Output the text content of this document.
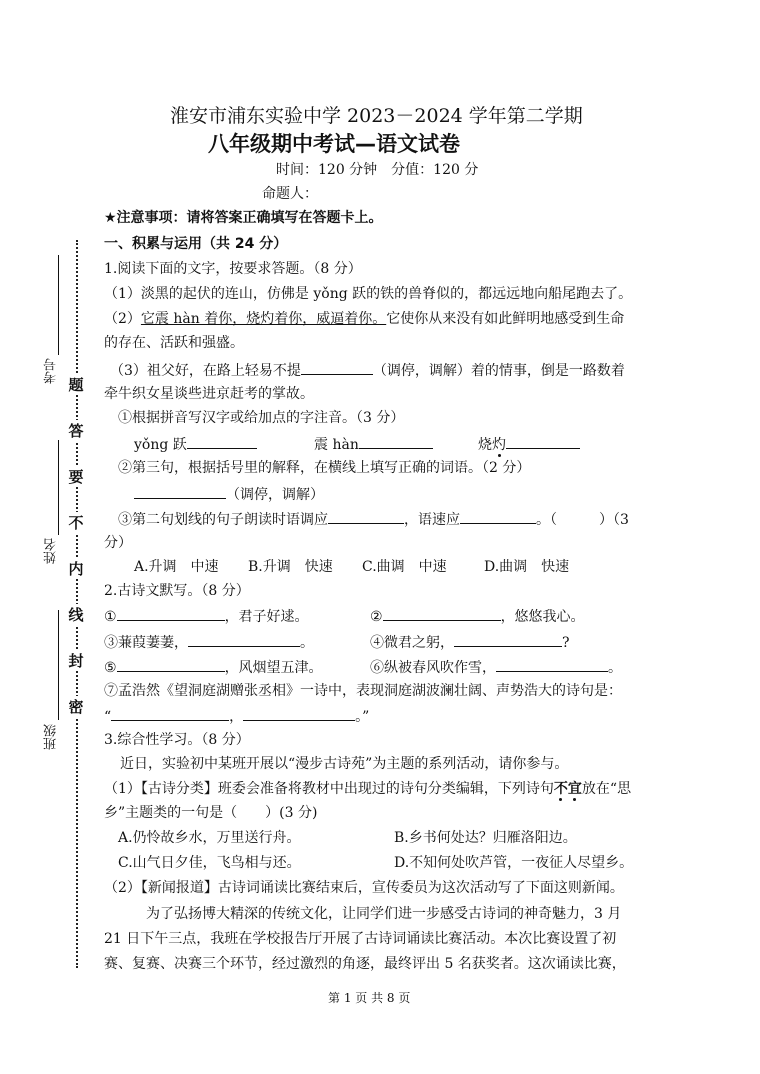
题
答
要
不
内
线
封
密
考号
姓名
班级
淮安市浦东实验中学 2023－2024 学年第二学期
八年级期中考试—语文试卷
时间：120 分钟　分值：120 分
命题人：
★注意事项：请将答案正确填写在答题卡上。
一、积累与运用（共 24 分）
1.阅读下面的文字，按要求答题。（8 分）
（1）淡黑的起伏的连山，仿佛是 yǒng 跃的铁的兽脊似的，都远远地向船尾跑去了。
（2）它震 hàn 着你，烧灼着你，威逼着你。它使你从来没有如此鲜明地感受到生命
的存在、活跃和强盛。
（3）祖父好，在路上轻易不提	（调停，调解）着的情事，倒是一路数着
牵牛织女星谈些进京赶考的掌故。
①根据拼音写汉字或给加点的字注音。（3 分）
yǒng 跃	震 hàn	烧灼
②第三句，根据括号里的解释，在横线上填写正确的词语。（2 分）
（调停，调解）
③第二句划线的句子朗读时语调应	，语速应	。（　　　）（3
分）
A.升调　中速 B.升调　快速 C.曲调　中速	D.曲调　快速
2.古诗文默写。（8 分）
①	，君子好逑。	②	，悠悠我心。
③蒹葭萋萋，	。	④微君之躬，	?
⑤	，风烟望五津。	⑥纵被春风吹作雪，	。
⑦孟浩然《望洞庭湖赠张丞相》一诗中，表现洞庭湖波澜壮阔、声势浩大的诗句是：
“	，	。”
3.综合性学习。（8 分）
近日，实验初中某班开展以“漫步古诗苑”为主题的系列活动，请你参与。
（1）【古诗分类】班委会准备将教材中出现过的诗句分类编辑，下列诗句不宜放在“思
乡”主题类的一句是（　　）(3 分)
A.仍怜故乡水，万里送行舟。	B.乡书何处达？归雁洛阳边。
C.山气日夕佳，飞鸟相与还。	D.不知何处吹芦管，一夜征人尽望乡。
（2）【新闻报道】古诗词诵读比赛结束后，宣传委员为这次活动写了下面这则新闻。
为了弘扬博大精深的传统文化，让同学们进一步感受古诗词的神奇魅力，3 月
21 日下午三点，我班在学校报告厅开展了古诗词诵读比赛活动。本次比赛设置了初
赛、复赛、决赛三个环节，经过激烈的角逐，最终评出 5 名获奖者。这次诵读比赛，
第 1 页 共 8 页
